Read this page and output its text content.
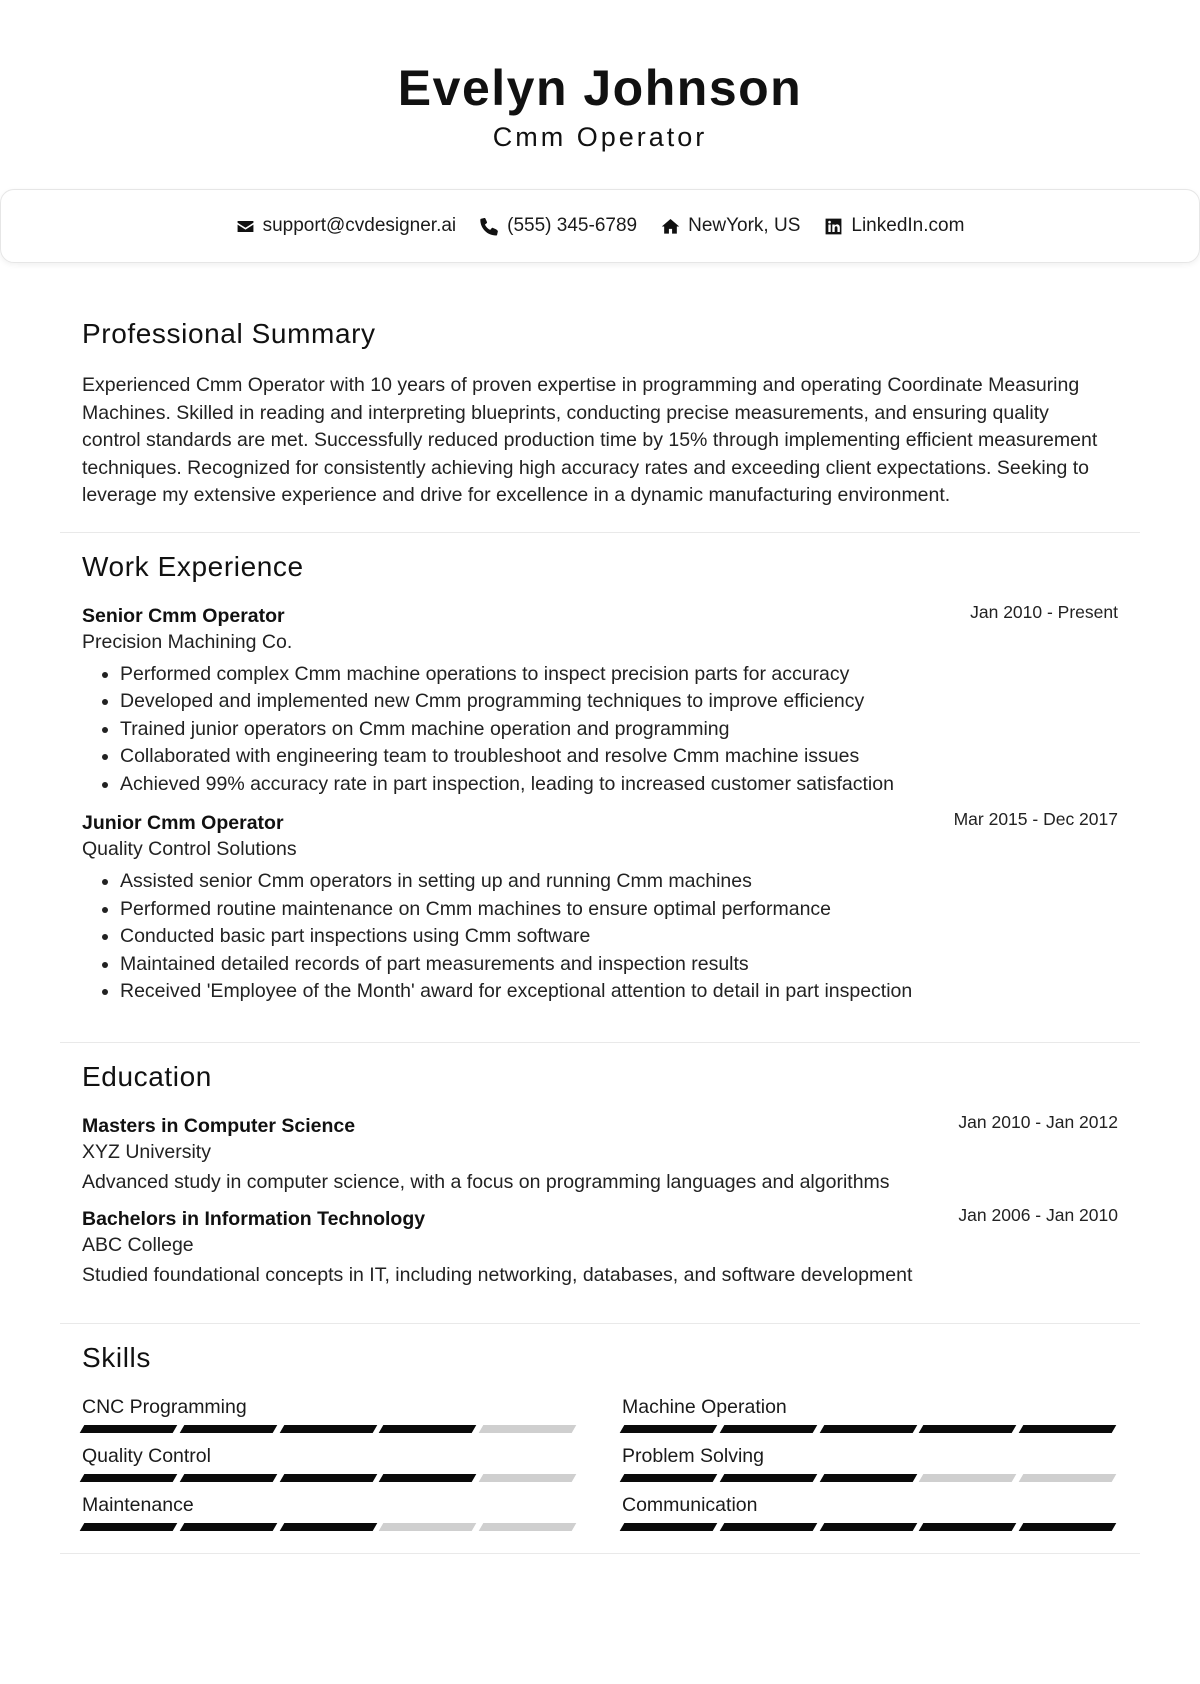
Evelyn Johnson
Cmm Operator
support@cvdesigner.ai	(555) 345-6789	NewYork, US	LinkedIn.com
Professional Summary

Experienced Cmm Operator with 10 years of proven expertise in programming and operating Coordinate Measuring Machines. Skilled in reading and interpreting blueprints, conducting precise measurements, and ensuring quality control standards are met. Successfully reduced production time by 15% through implementing efficient measurement techniques. Recognized for consistently achieving high accuracy rates and exceeding client expectations. Seeking to leverage my extensive experience and drive for excellence in a dynamic manufacturing environment.

Work Experience
Senior Cmm Operator	Jan 2010 - Present
Precision Machining Co.
• Performed complex Cmm machine operations to inspect precision parts for accuracy
• Developed and implemented new Cmm programming techniques to improve efficiency
• Trained junior operators on Cmm machine operation and programming
• Collaborated with engineering team to troubleshoot and resolve Cmm machine issues
• Achieved 99% accuracy rate in part inspection, leading to increased customer satisfaction
Junior Cmm Operator	Mar 2015 - Dec 2017
Quality Control Solutions
• Assisted senior Cmm operators in setting up and running Cmm machines
• Performed routine maintenance on Cmm machines to ensure optimal performance
• Conducted basic part inspections using Cmm software
• Maintained detailed records of part measurements and inspection results
• Received 'Employee of the Month' award for exceptional attention to detail in part inspection
Education
Masters in Computer Science	Jan 2010 - Jan 2012
XYZ University
Advanced study in computer science, with a focus on programming languages and algorithms
Bachelors in Information Technology	Jan 2006 - Jan 2010
ABC College
Studied foundational concepts in IT, including networking, databases, and software development
Skills
CNC Programming	Machine Operation
Quality Control	Problem Solving
Maintenance	Communication
